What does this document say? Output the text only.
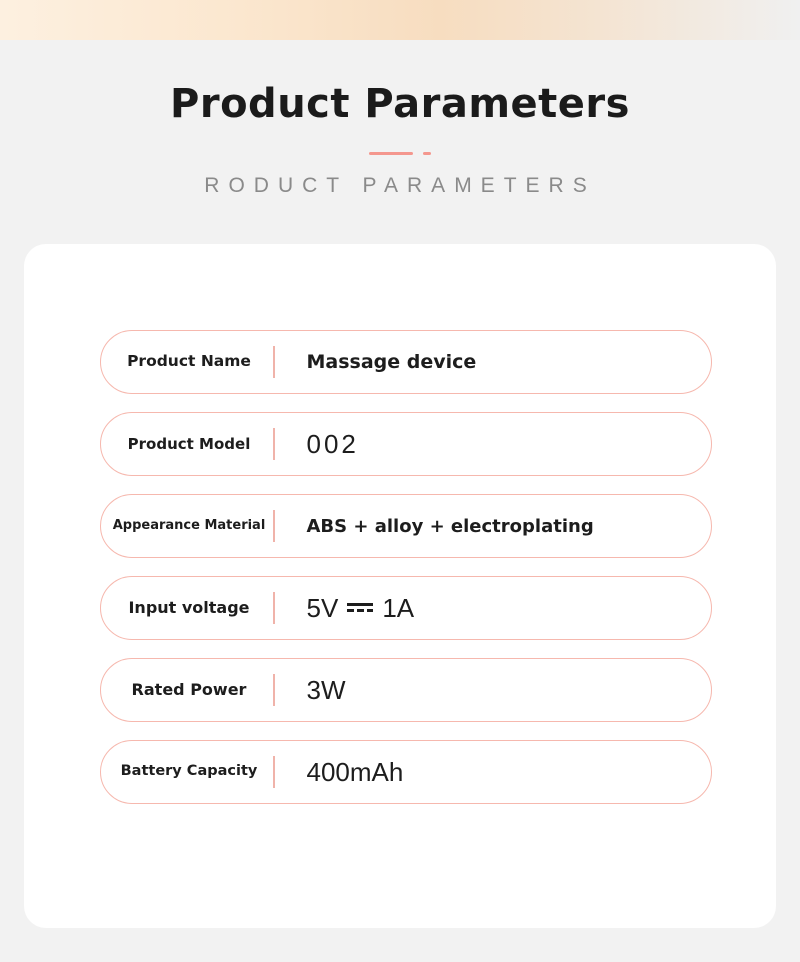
Product Parameters
RODUCT PARAMETERS
Product Name	Massage device
Product Model 002
Appearance Material ABS + alloy + electroplating
Input voltage 5V 1A
Rated Power 3W
Battery Capacity 400mAh
